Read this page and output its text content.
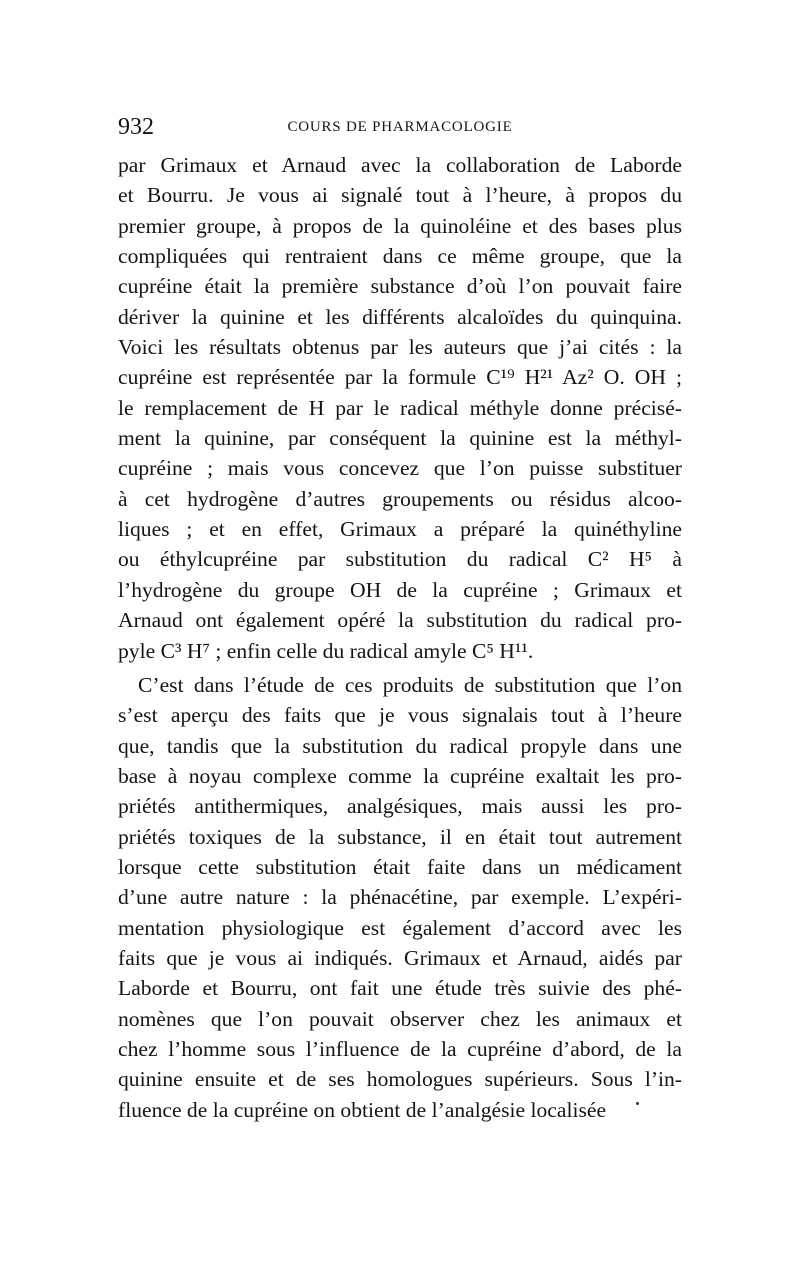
932	COURS DE PHARMACOLOGIE
par Grimaux et Arnaud avec la collaboration de Laborde
et Bourru. Je vous ai signalé tout à l’heure, à propos du
premier groupe, à propos de la quinoléine et des bases plus
compliquées qui rentraient dans ce même groupe, que la
cupréine était la première substance d’où l’on pouvait faire
dériver la quinine et les différents alcaloïdes du quinquina.
Voici les résultats obtenus par les auteurs que j’ai cités : la
cupréine est représentée par la formule C¹⁹ H²¹ Az² O. OH ;
le remplacement de H par le radical méthyle donne précisé-
ment la quinine, par conséquent la quinine est la méthyl-
cupréine ; mais vous concevez que l’on puisse substituer
à cet hydrogène d’autres groupements ou résidus alcoo-
liques ; et en effet, Grimaux a préparé la quinéthyline
ou éthylcupréine par substitution du radical C² H⁵ à
l’hydrogène du groupe OH de la cupréine ; Grimaux et
Arnaud ont également opéré la substitution du radical pro-
pyle C³ H⁷ ; enfin celle du radical amyle C⁵ H¹¹.
C’est dans l’étude de ces produits de substitution que l’on
s’est aperçu des faits que je vous signalais tout à l’heure
que, tandis que la substitution du radical propyle dans une
base à noyau complexe comme la cupréine exaltait les pro-
priétés antithermiques, analgésiques, mais aussi les pro-
priétés toxiques de la substance, il en était tout autrement
lorsque cette substitution était faite dans un médicament
d’une autre nature : la phénacétine, par exemple. L’expéri-
mentation physiologique est également d’accord avec les
faits que je vous ai indiqués. Grimaux et Arnaud, aidés par
Laborde et Bourru, ont fait une étude très suivie des phé-
nomènes que l’on pouvait observer chez les animaux et
chez l’homme sous l’influence de la cupréine d’abord, de la
quinine ensuite et de ses homologues supérieurs. Sous l’in-
fluence de la cupréine on obtient de l’analgésie localisée
